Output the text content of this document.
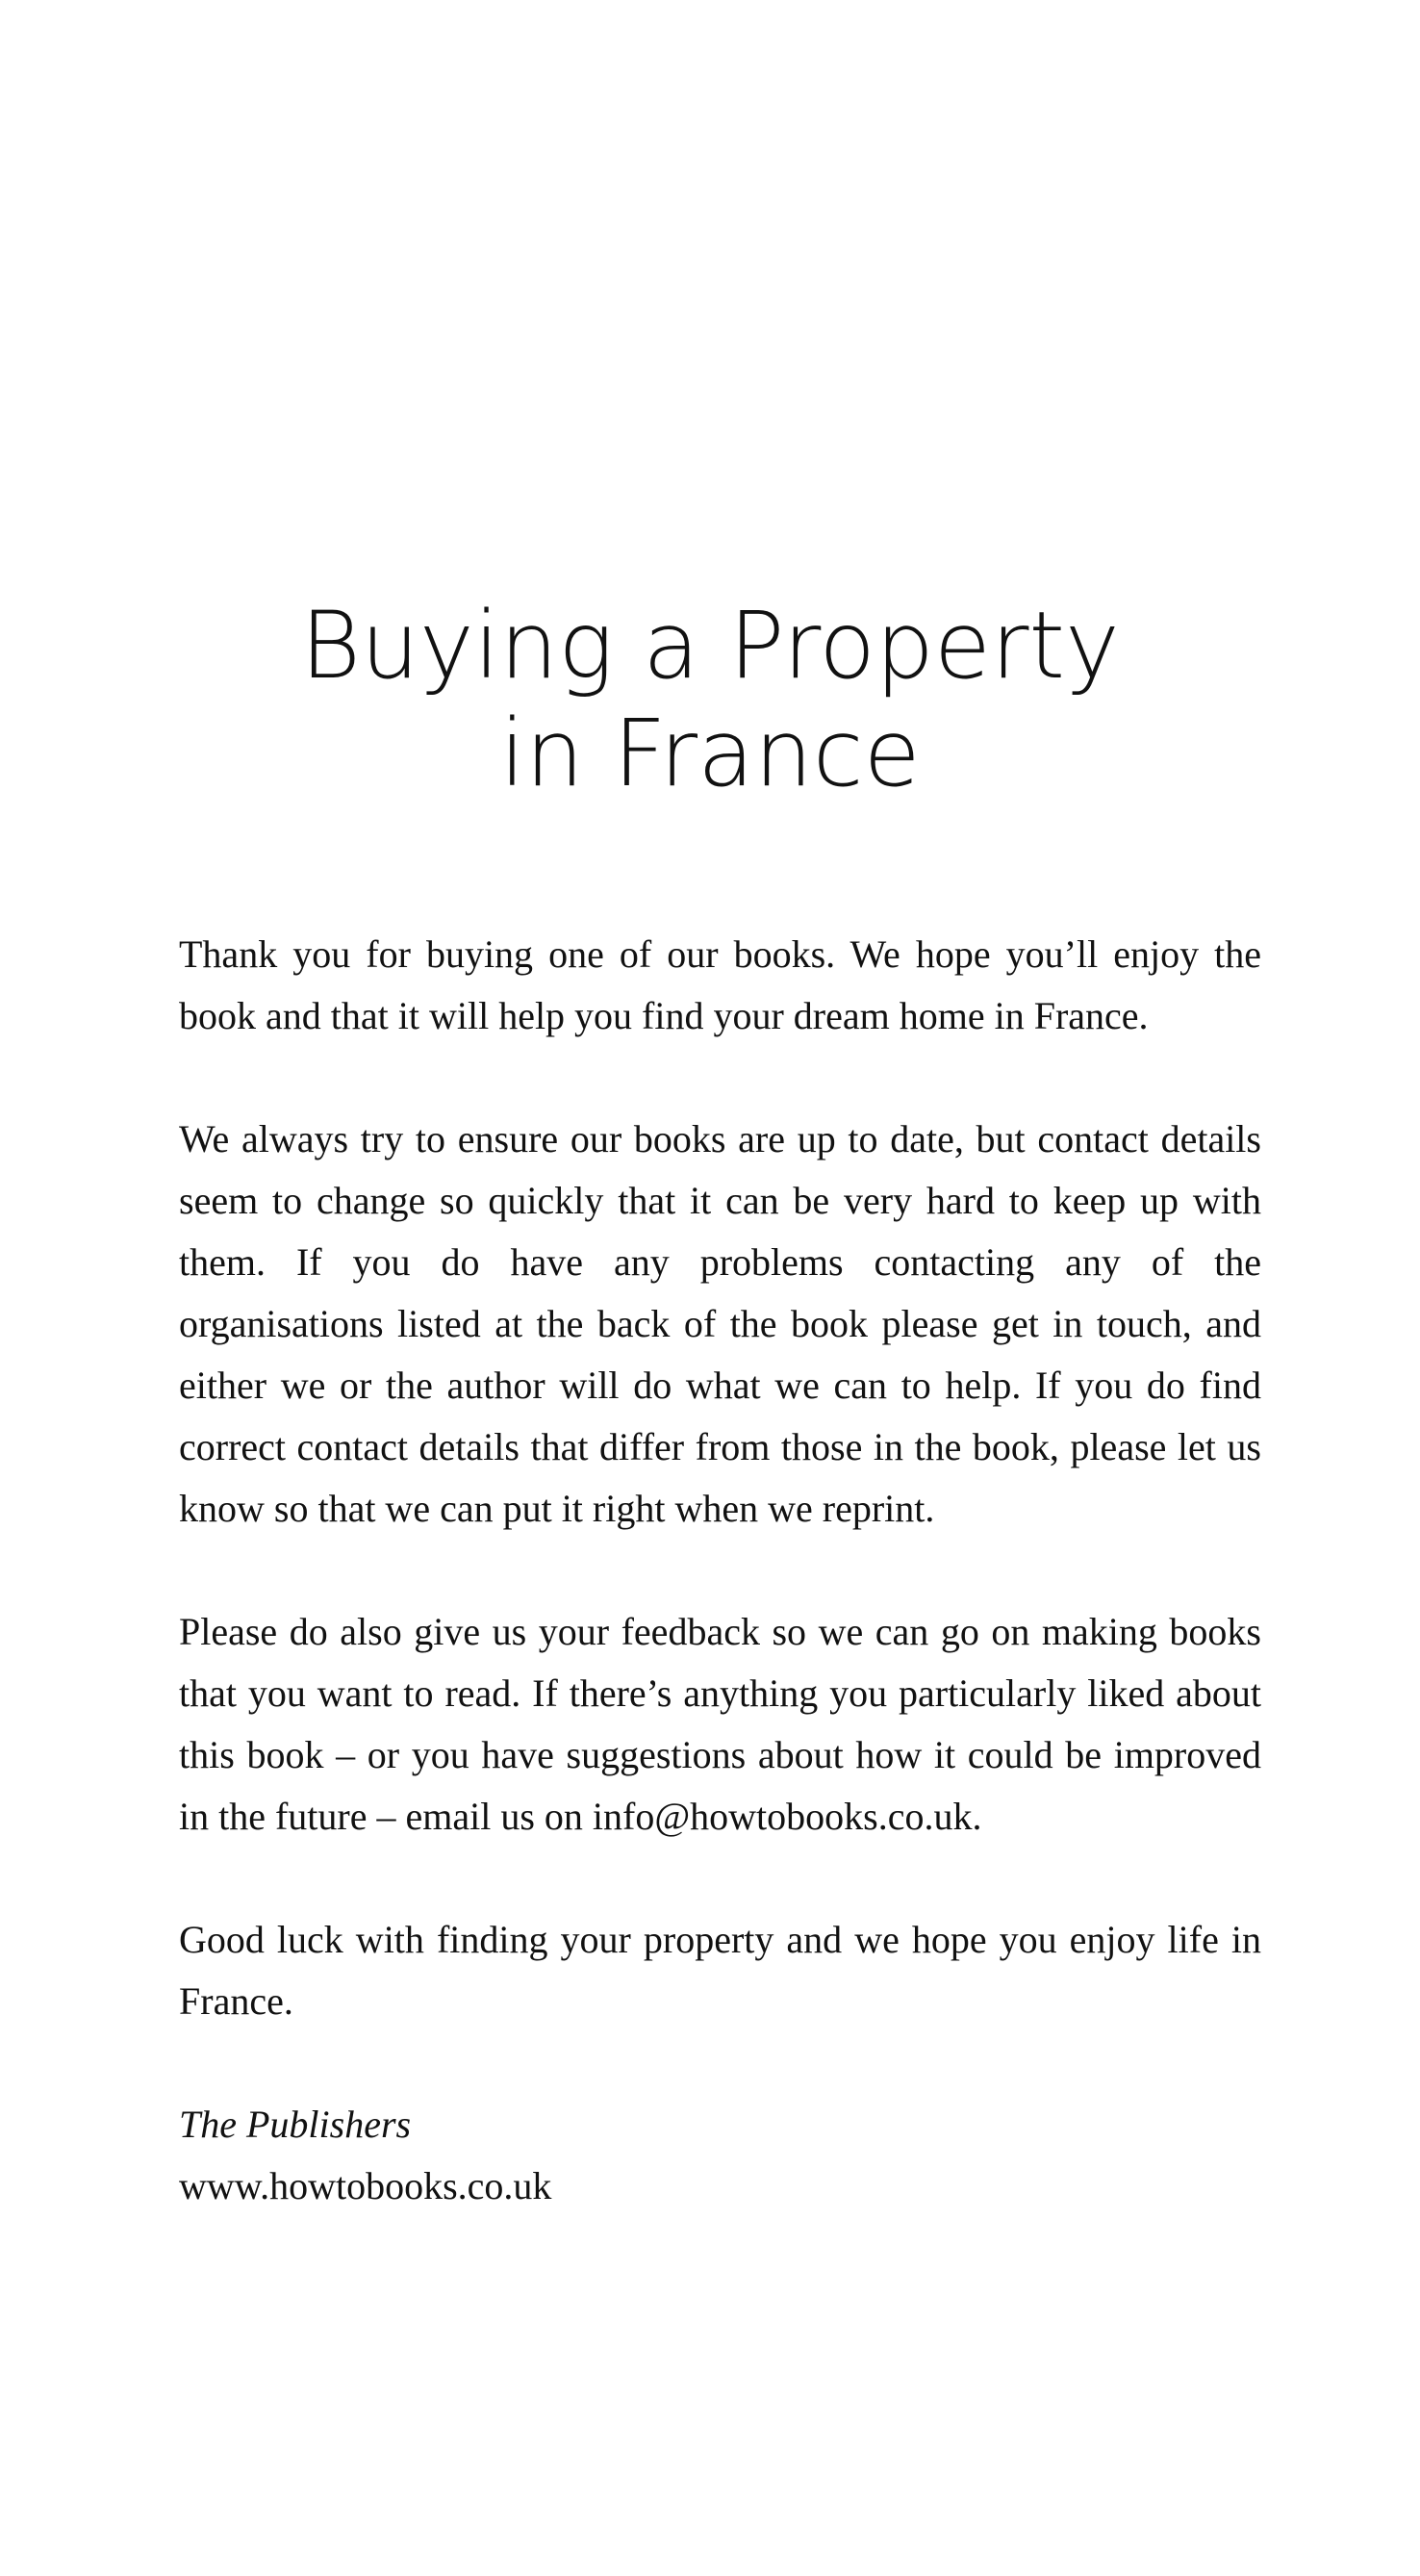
Buying a Property
in France

Thank you for buying one of our books. We hope you’ll enjoy the book and that it will help you find your dream home in France.

We always try to ensure our books are up to date, but contact details seem to change so quickly that it can be very hard to keep up with them. If you do have any problems contacting any of the organisations listed at the back of the book please get in touch, and either we or the author will do what we can to help. If you do find correct contact details that differ from those in the book, please let us know so that we can put it right when we reprint.

Please do also give us your feedback so we can go on making books that you want to read. If there’s anything you particularly liked about this book – or you have suggestions about how it could be improved in the future – email us on info@howtobooks.co.uk.

Good luck with finding your property and we hope you enjoy life in France.

The Publishers
www.howtobooks.co.uk
